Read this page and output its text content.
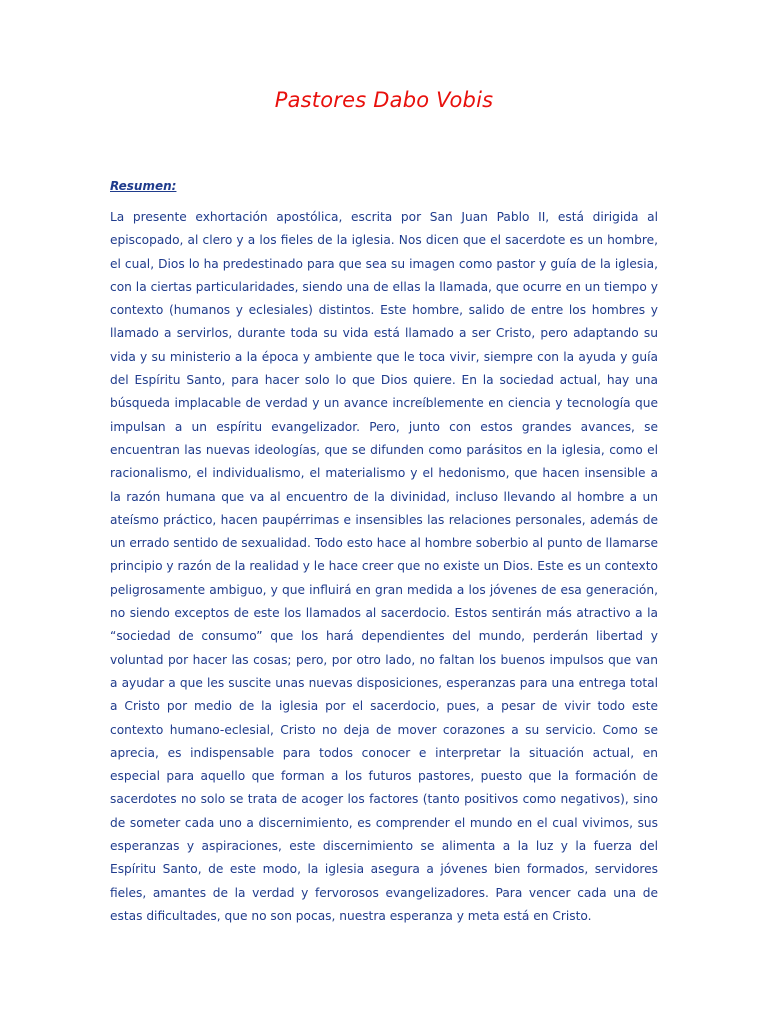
Pastores Dabo Vobis
Resumen:

La presente exhortación apostólica, escrita por San Juan Pablo II, está dirigida al episcopado, al clero y a los fieles de la iglesia. Nos dicen que el sacerdote es un hombre, el cual, Dios lo ha predestinado para que sea su imagen como pastor y guía de la iglesia, con la ciertas particularidades, siendo una de ellas la llamada, que ocurre en un tiempo y contexto (humanos y eclesiales) distintos. Este hombre, salido de entre los hombres y llamado a servirlos, durante toda su vida está llamado a ser Cristo, pero adaptando su vida y su ministerio a la época y ambiente que le toca vivir, siempre con la ayuda y guía del Espíritu Santo, para hacer solo lo que Dios quiere. En la sociedad actual, hay una búsqueda implacable de verdad y un avance increíblemente en ciencia y tecnología que impulsan a un espíritu evangelizador. Pero, junto con estos grandes avances, se encuentran las nuevas ideologías, que se difunden como parásitos en la iglesia, como el racionalismo, el individualismo, el materialismo y el hedonismo, que hacen insensible a la razón humana que va al encuentro de la divinidad, incluso llevando al hombre a un ateísmo práctico, hacen paupérrimas e insensibles las relaciones personales, además de un errado sentido de sexualidad. Todo esto hace al hombre soberbio al punto de llamarse principio y razón de la realidad y le hace creer que no existe un Dios. Este es un contexto peligrosamente ambiguo, y que influirá en gran medida a los jóvenes de esa generación, no siendo exceptos de este los llamados al sacerdocio. Estos sentirán más atractivo a la “sociedad de consumo” que los hará dependientes del mundo, perderán libertad y voluntad por hacer las cosas; pero, por otro lado, no faltan los buenos impulsos que van a ayudar a que les suscite unas nuevas disposiciones, esperanzas para una entrega total a Cristo por medio de la iglesia por el sacerdocio, pues, a pesar de vivir todo este contexto humano-eclesial, Cristo no deja de mover corazones a su servicio. Como se aprecia, es indispensable para todos conocer e interpretar la situación actual, en especial para aquello que forman a los futuros pastores, puesto que la formación de sacerdotes no solo se trata de acoger los factores (tanto positivos como negativos), sino de someter cada uno a discernimiento, es comprender el mundo en el cual vivimos, sus esperanzas y aspiraciones, este discernimiento se alimenta a la luz y la fuerza del Espíritu Santo, de este modo, la iglesia asegura a jóvenes bien formados, servidores fieles, amantes de la verdad y fervorosos evangelizadores. Para vencer cada una de estas dificultades, que no son pocas, nuestra esperanza y meta está en Cristo.
